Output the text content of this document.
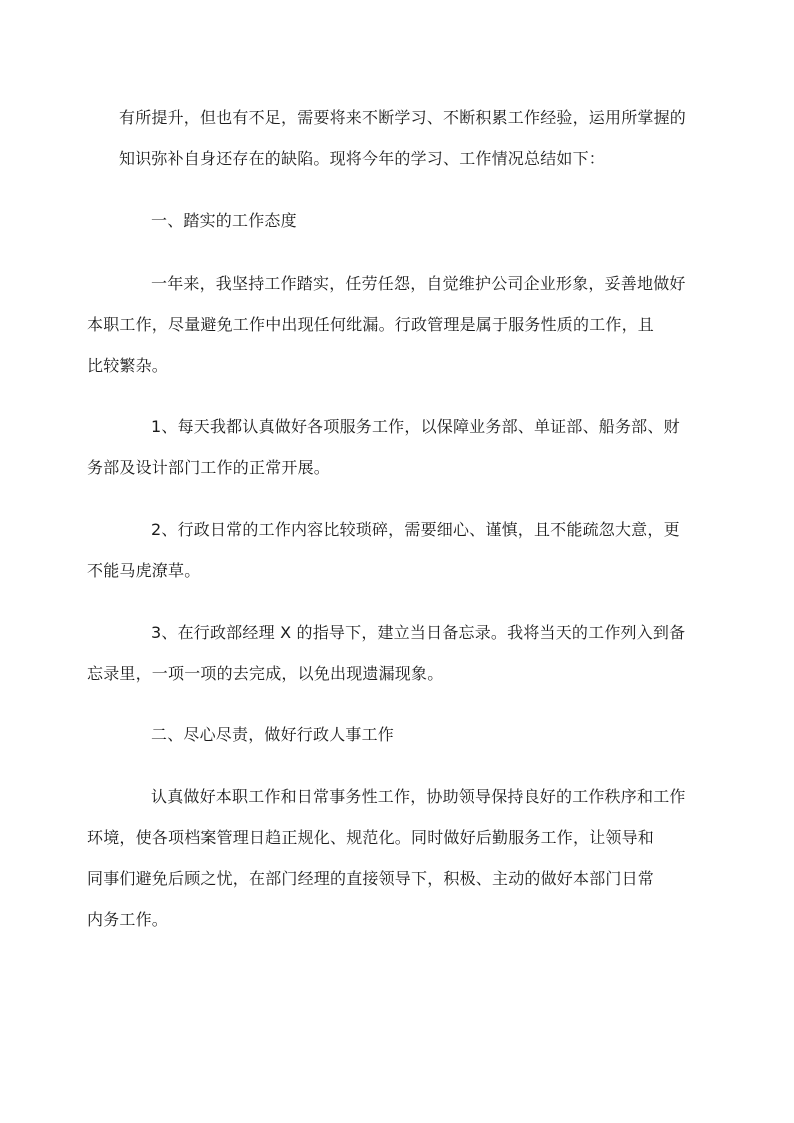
有所提升，但也有不足，需要将来不断学习、不断积累工作经验，运用所掌握的
知识弥补自身还存在的缺陷。现将今年的学习、工作情况总结如下：

一、踏实的工作态度

一年来，我坚持工作踏实，任劳任怨，自觉维护公司企业形象，妥善地做好
本职工作，尽量避免工作中出现任何纰漏。行政管理是属于服务性质的工作，且
比较繁杂。

1、每天我都认真做好各项服务工作，以保障业务部、单证部、船务部、财
务部及设计部门工作的正常开展。

2、行政日常的工作内容比较琐碎，需要细心、谨慎，且不能疏忽大意，更
不能马虎潦草。

3、在行政部经理 X 的指导下，建立当日备忘录。我将当天的工作列入到备
忘录里，一项一项的去完成，以免出现遗漏现象。

二、尽心尽责，做好行政人事工作

认真做好本职工作和日常事务性工作，协助领导保持良好的工作秩序和工作
环境，使各项档案管理日趋正规化、规范化。同时做好后勤服务工作，让领导和
同事们避免后顾之忧，在部门经理的直接领导下，积极、主动的做好本部门日常
内务工作。
